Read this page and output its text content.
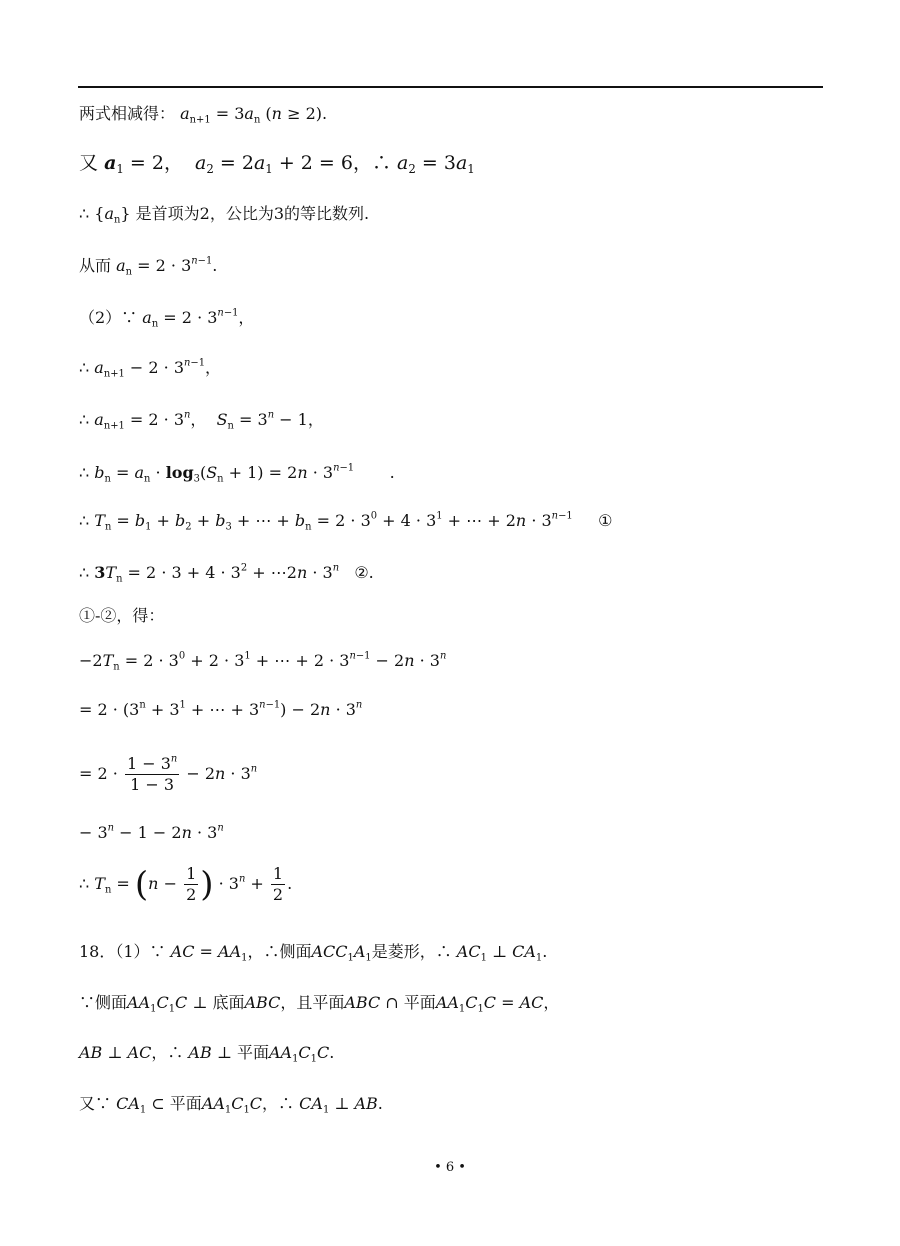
两式相减得： $a_{n+1} = 3a_n$ (n ≥ 2).
又 $a_1 = 2$，  $a_2 = 2a_1 + 2 = 6$，∴ $a_2 = 3a_1$
∴ $\{a_n\}$ 是首项为2，公比为3的等比数列.
从而 $a_n = 2 \cdot 3^{n-1}$.
（2）∵ $a_n = 2 \cdot 3^{n-1}$，
∴ $a_{n+1} - 2 \cdot 3^{n-1}$，
∴ $a_{n+1} = 2 \cdot 3^n$，  $S_n = 3^n - 1$，
∴ $b_n = a_n \cdot \log_3(S_n + 1) = 2n \cdot 3^{n-1}$       .
∴ $T_n = b_1 + b_2 + b_3$ + ⋯ + $b_n = 2 \cdot 3^0 + 4 \cdot 3^1$ + ⋯ + $2n \cdot 3^{n-1}$     ①
∴ $3T_n = 2 \cdot 3 + 4 \cdot 3^2$ + ⋯2n · $3^n$   ②.
①-②，得：
$-2T_n = 2 \cdot 3^0 + 2 \cdot 3^1$ + ⋯ + $2 \cdot 3^{n-1} - 2n \cdot 3^n$
= $2 \cdot (3^n + 3^1$ + ⋯ + $3^{n-1}) - 2n \cdot 3^n$
= $2 \cdot \frac{1 - 3^n}{1 - 3} - 2n \cdot 3^n$
− $3^n - 1 - 2n \cdot 3^n$
∴ $T_n = (n - \frac{1}{2}$ ) · $3^n + \frac{1}{2}$ .
18．（1）∵ AC = $AA_1$，∴侧面$ACC_1A_1$是菱形，∴ $AC_1$ ⊥ $CA_1$.
∵侧面$AA_1C_1C$ ⊥ 底面ABC，且平面ABC ∩ 平面$AA_1C_1C$ = AC，
AB ⊥ AC，∴ AB ⊥ 平面$AA_1C_1C$.
又∵ $CA_1$ ⊂ 平面$AA_1C_1C$，∴ $CA_1$ ⊥ AB.
• 6 •
